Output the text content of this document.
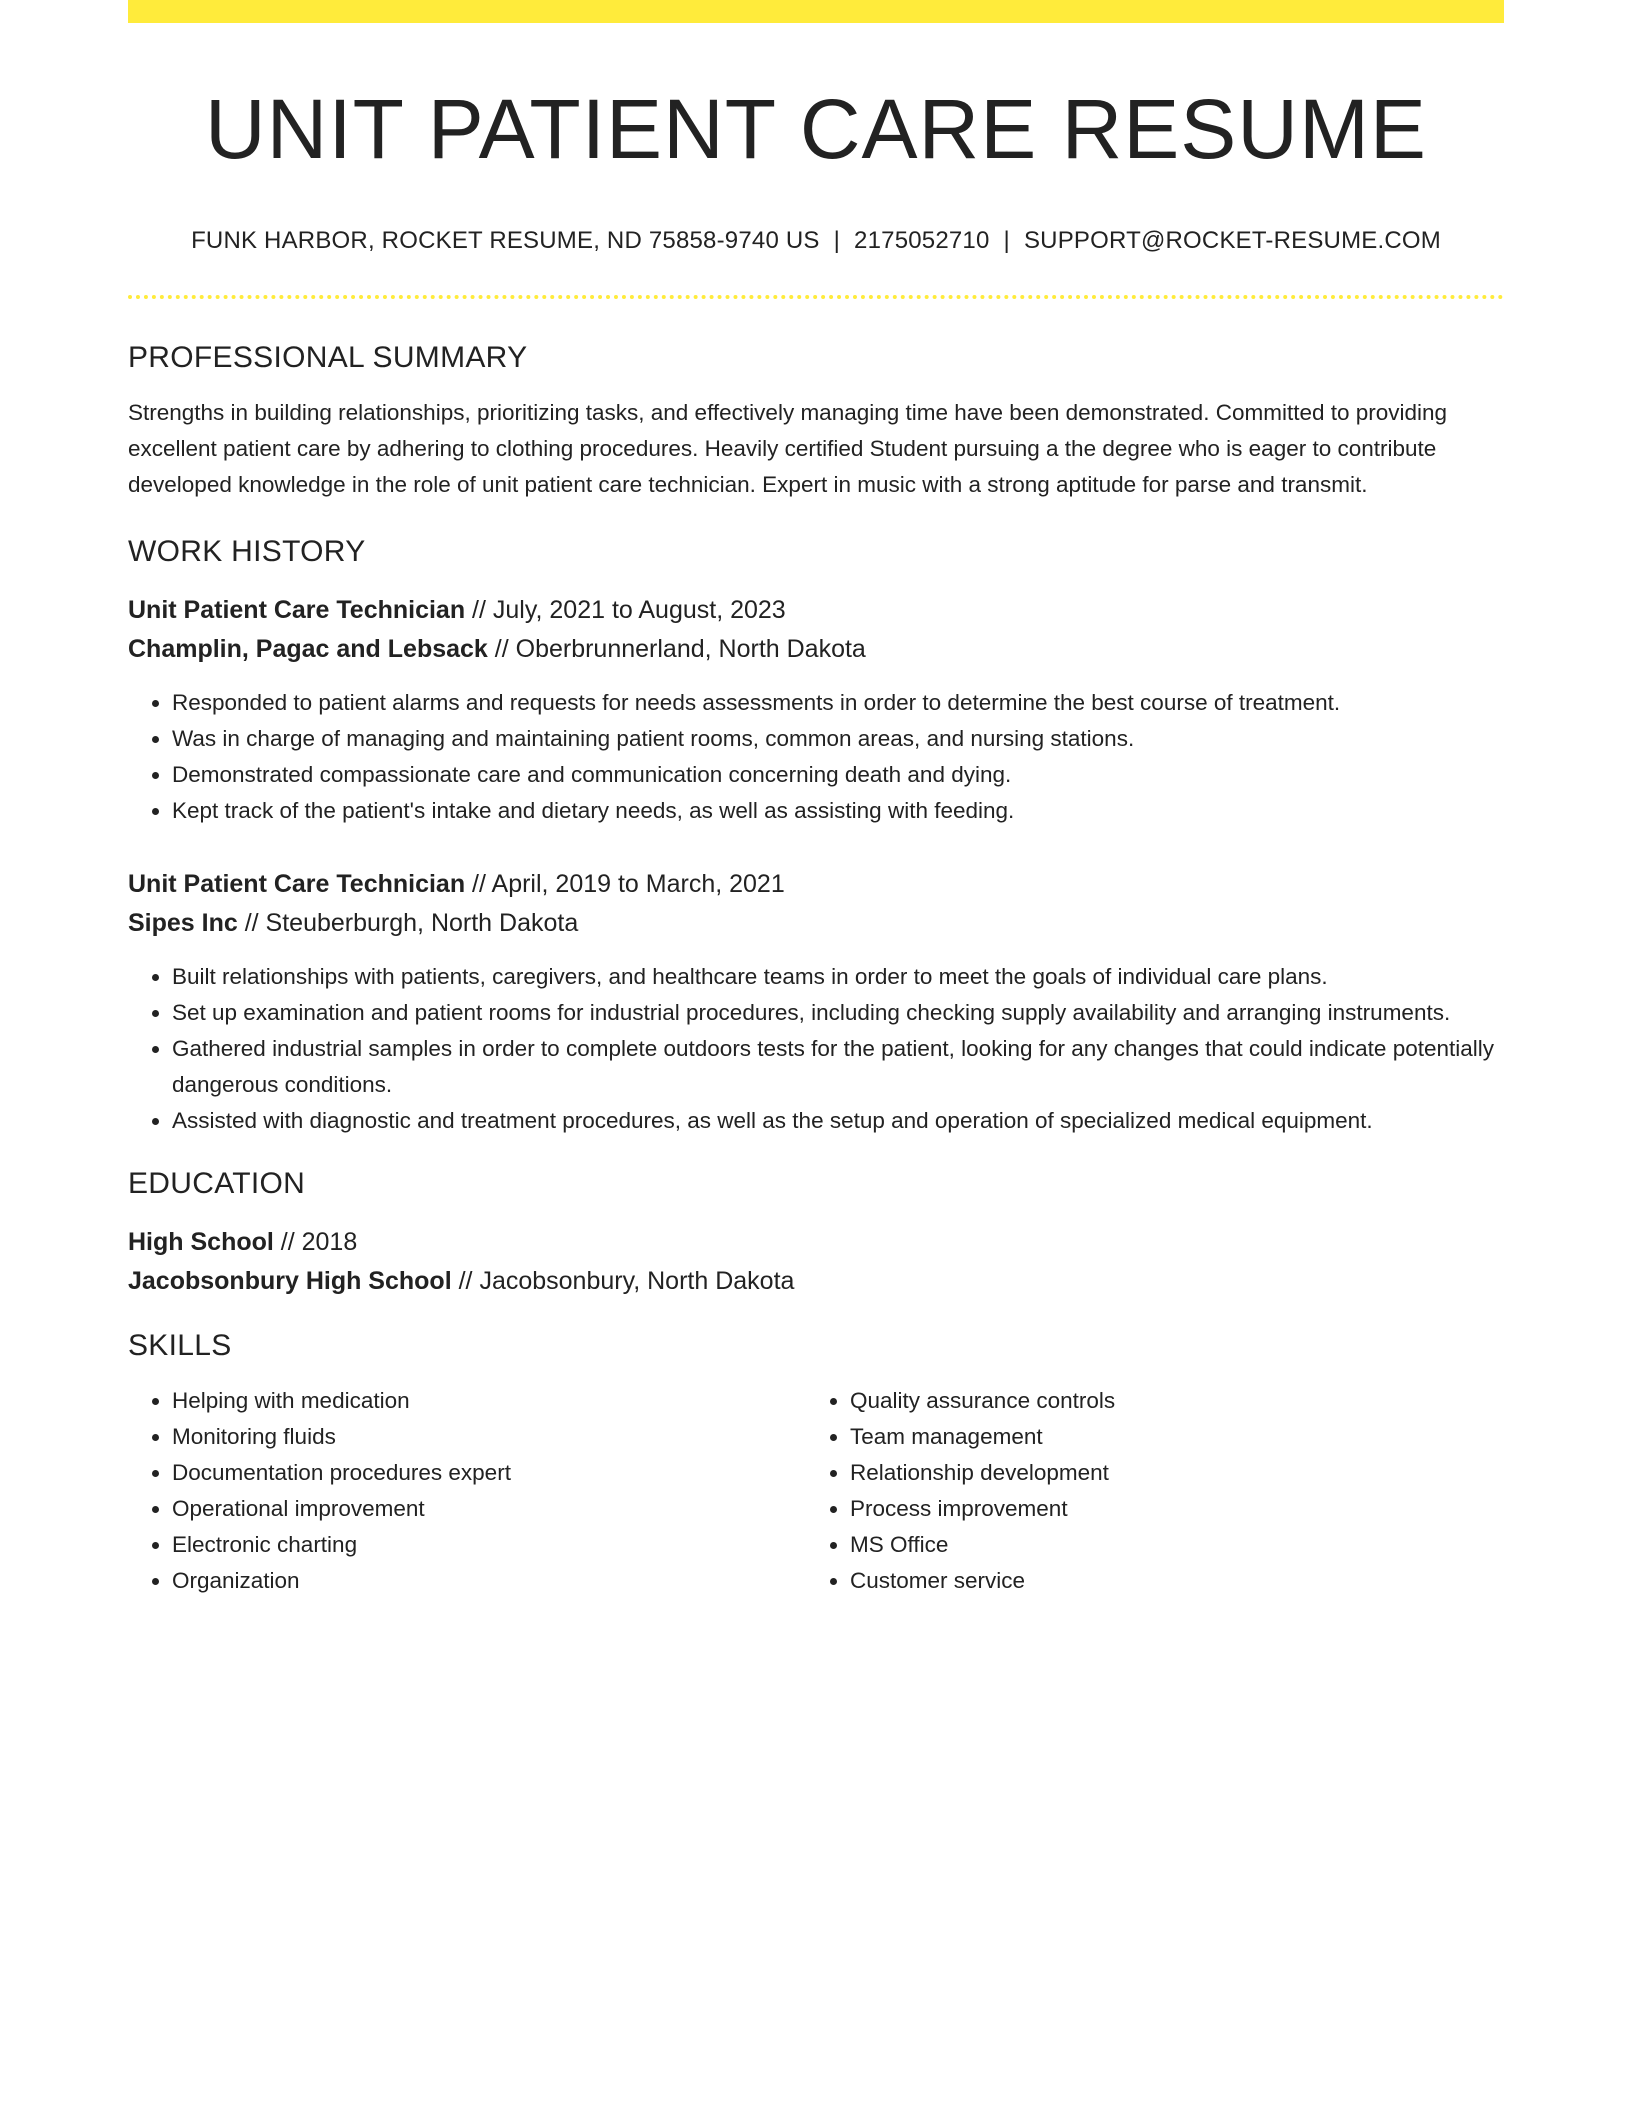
UNIT PATIENT CARE RESUME
FUNK HARBOR, ROCKET RESUME, ND 75858-9740 US | 2175052710 | SUPPORT@ROCKET-RESUME.COM
PROFESSIONAL SUMMARY

Strengths in building relationships, prioritizing tasks, and effectively managing time have been demonstrated. Committed to providing excellent patient care by adhering to clothing procedures. Heavily certified Student pursuing a the degree who is eager to contribute developed knowledge in the role of unit patient care technician. Expert in music with a strong aptitude for parse and transmit.

WORK HISTORY
Unit Patient Care Technician // July, 2021 to August, 2023
Champlin, Pagac and Lebsack // Oberbrunnerland, North Dakota
• Responded to patient alarms and requests for needs assessments in order to determine the best course of treatment.
• Was in charge of managing and maintaining patient rooms, common areas, and nursing stations.
• Demonstrated compassionate care and communication concerning death and dying.
• Kept track of the patient's intake and dietary needs, as well as assisting with feeding.
Unit Patient Care Technician // April, 2019 to March, 2021
Sipes Inc // Steuberburgh, North Dakota
• Built relationships with patients, caregivers, and healthcare teams in order to meet the goals of individual care plans.
• Set up examination and patient rooms for industrial procedures, including checking supply availability and arranging instruments.
• Gathered industrial samples in order to complete outdoors tests for the patient, looking for any changes that could indicate potentially dangerous conditions.
• Assisted with diagnostic and treatment procedures, as well as the setup and operation of specialized medical equipment.
EDUCATION
High School // 2018
Jacobsonbury High School // Jacobsonbury, North Dakota
SKILLS
• Helping with medication
• Monitoring fluids
• Documentation procedures expert
• Operational improvement
• Electronic charting
• Organization
• Quality assurance controls
• Team management
• Relationship development
• Process improvement
• MS Office
• Customer service
